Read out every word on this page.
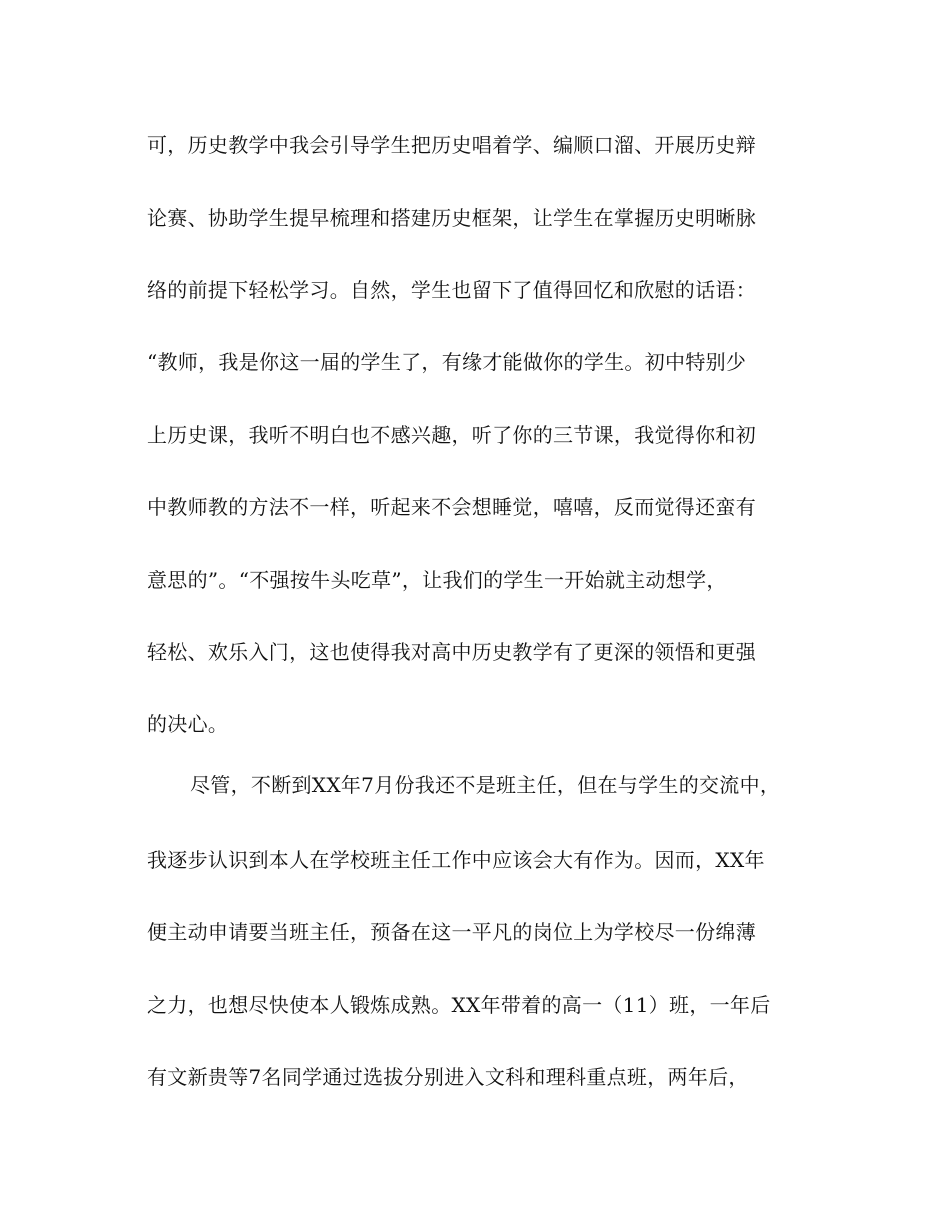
可，历史教学中我会引导学生把历史唱着学、编顺口溜、开展历史辩
论赛、协助学生提早梳理和搭建历史框架，让学生在掌握历史明晰脉
络的前提下轻松学习。自然，学生也留下了值得回忆和欣慰的话语：
“教师，我是你这一届的学生了，有缘才能做你的学生。初中特别少
上历史课，我听不明白也不感兴趣，听了你的三节课，我觉得你和初
中教师教的方法不一样，听起来不会想睡觉，嘻嘻，反而觉得还蛮有
意思的”。“不强按牛头吃草”，让我们的学生一开始就主动想学，
轻松、欢乐入门，这也使得我对高中历史教学有了更深的领悟和更强
的决心。
尽管，不断到XX年7月份我还不是班主任，但在与学生的交流中，
我逐步认识到本人在学校班主任工作中应该会大有作为。因而，XX年
便主动申请要当班主任，预备在这一平凡的岗位上为学校尽一份绵薄
之力，也想尽快使本人锻炼成熟。XX年带着的高一（11）班，一年后
有文新贵等7名同学通过选拔分别进入文科和理科重点班，两年后，
